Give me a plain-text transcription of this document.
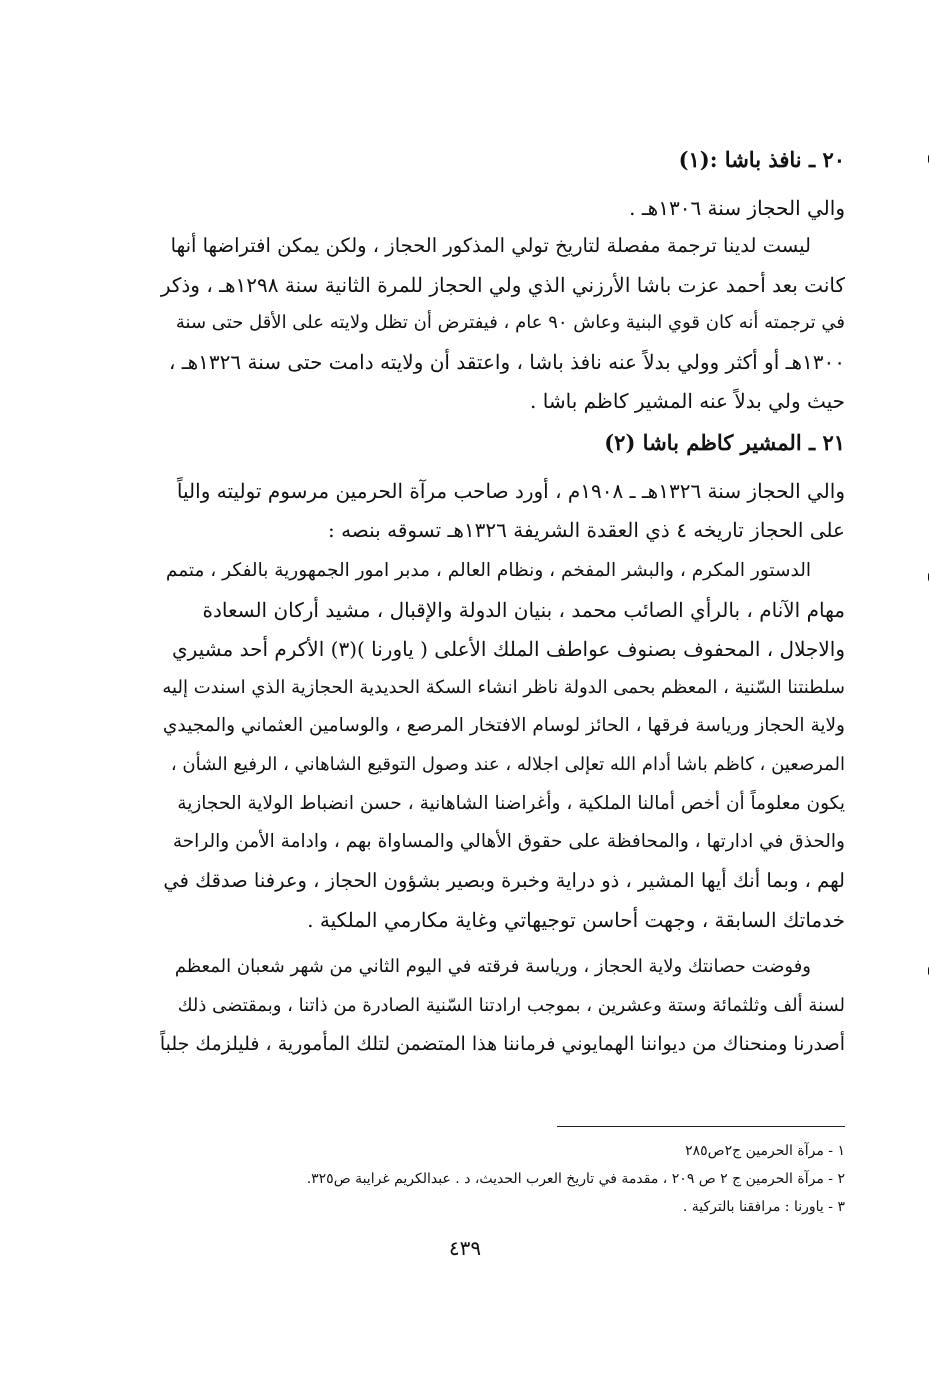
٢٠ ـ نافذ باشا :(١)
والي الحجاز سنة ١٣٠٦هـ .
ليست لدينا ترجمة مفصلة لتاريخ تولي المذكور الحجاز ، ولكن يمكن افتراضها أنها
كانت بعد أحمد عزت باشا الأرزني الذي ولي الحجاز للمرة الثانية سنة ١٢٩٨هـ ، وذكر
في ترجمته أنه كان قوي البنية وعاش ٩٠ عام ، فيفترض أن تظل ولايته على الأقل حتى سنة
١٣٠٠هـ أو أكثر وولي بدلاً عنه نافذ باشا ، واعتقد أن ولايته دامت حتى سنة ١٣٢٦هـ ،
حيث ولي بدلاً عنه المشير كاظم باشا .
٢١ ـ المشير كاظم باشا (٢)
والي الحجاز سنة ١٣٢٦هـ ـ ١٩٠٨م ، أورد صاحب مرآة الحرمين مرسوم توليته والياً
على الحجاز تاريخه ٤ ذي العقدة الشريفة ١٣٢٦هـ تسوقه بنصه :
الدستور المكرم ، والبشر المفخم ، ونظام العالم ، مدبر امور الجمهورية بالفكر ، متمم
مهام الآنام ، بالرأي الصائب محمد ، بنيان الدولة والإقبال ، مشيد أركان السعادة
والاجلال ، المحفوف بصنوف عواطف الملك الأعلى ( ياورنا )(٣) الأكرم أحد مشيري
سلطنتنا السّنية ، المعظم بحمى الدولة ناظر انشاء السكة الحديدية الحجازية الذي اسندت إليه
ولاية الحجاز ورياسة فرقها ، الحائز لوسام الافتخار المرصع ، والوسامين العثماني والمجيدي
المرصعين ، كاظم باشا أدام الله تعإلى اجلاله ، عند وصول التوقيع الشاهاني ، الرفيع الشأن ،
يكون معلوماً أن أخص أمالنا الملكية ، وأغراضنا الشاهانية ، حسن انضباط الولاية الحجازية
والحذق في ادارتها ، والمحافظة على حقوق الأهالي والمساواة بهم ، وادامة الأمن والراحة
لهم ، وبما أنك أيها المشير ، ذو دراية وخبرة وبصير بشؤون الحجاز ، وعرفنا صدقك في
خدماتك السابقة ، وجهت أحاسن توجيهاتي وغاية مكارمي الملكية .
وفوضت حصانتك ولاية الحجاز ، ورياسة فرقته في اليوم الثاني من شهر شعبان المعظم
لسنة ألف وثلثمائة وستة وعشرين ، بموجب ارادتنا السّنية الصادرة من ذاتنا ، وبمقتضى ذلك
أصدرنا ومنحناك من ديواننا الهمايوني فرماننا هذا المتضمن لتلك المأمورية ، فليلزمك جلباً
١ - مرآة الحرمين ج٢ص٢٨٥
٢ - مرآة الحرمين ج ٢ ص ٢٠٩ ، مقدمة في تاريخ العرب الحديث، د . عبدالكريم غرايبة ص٣٢٥.
٣ - ياورنا : مرافقنا بالتركية .
٤٣٩
